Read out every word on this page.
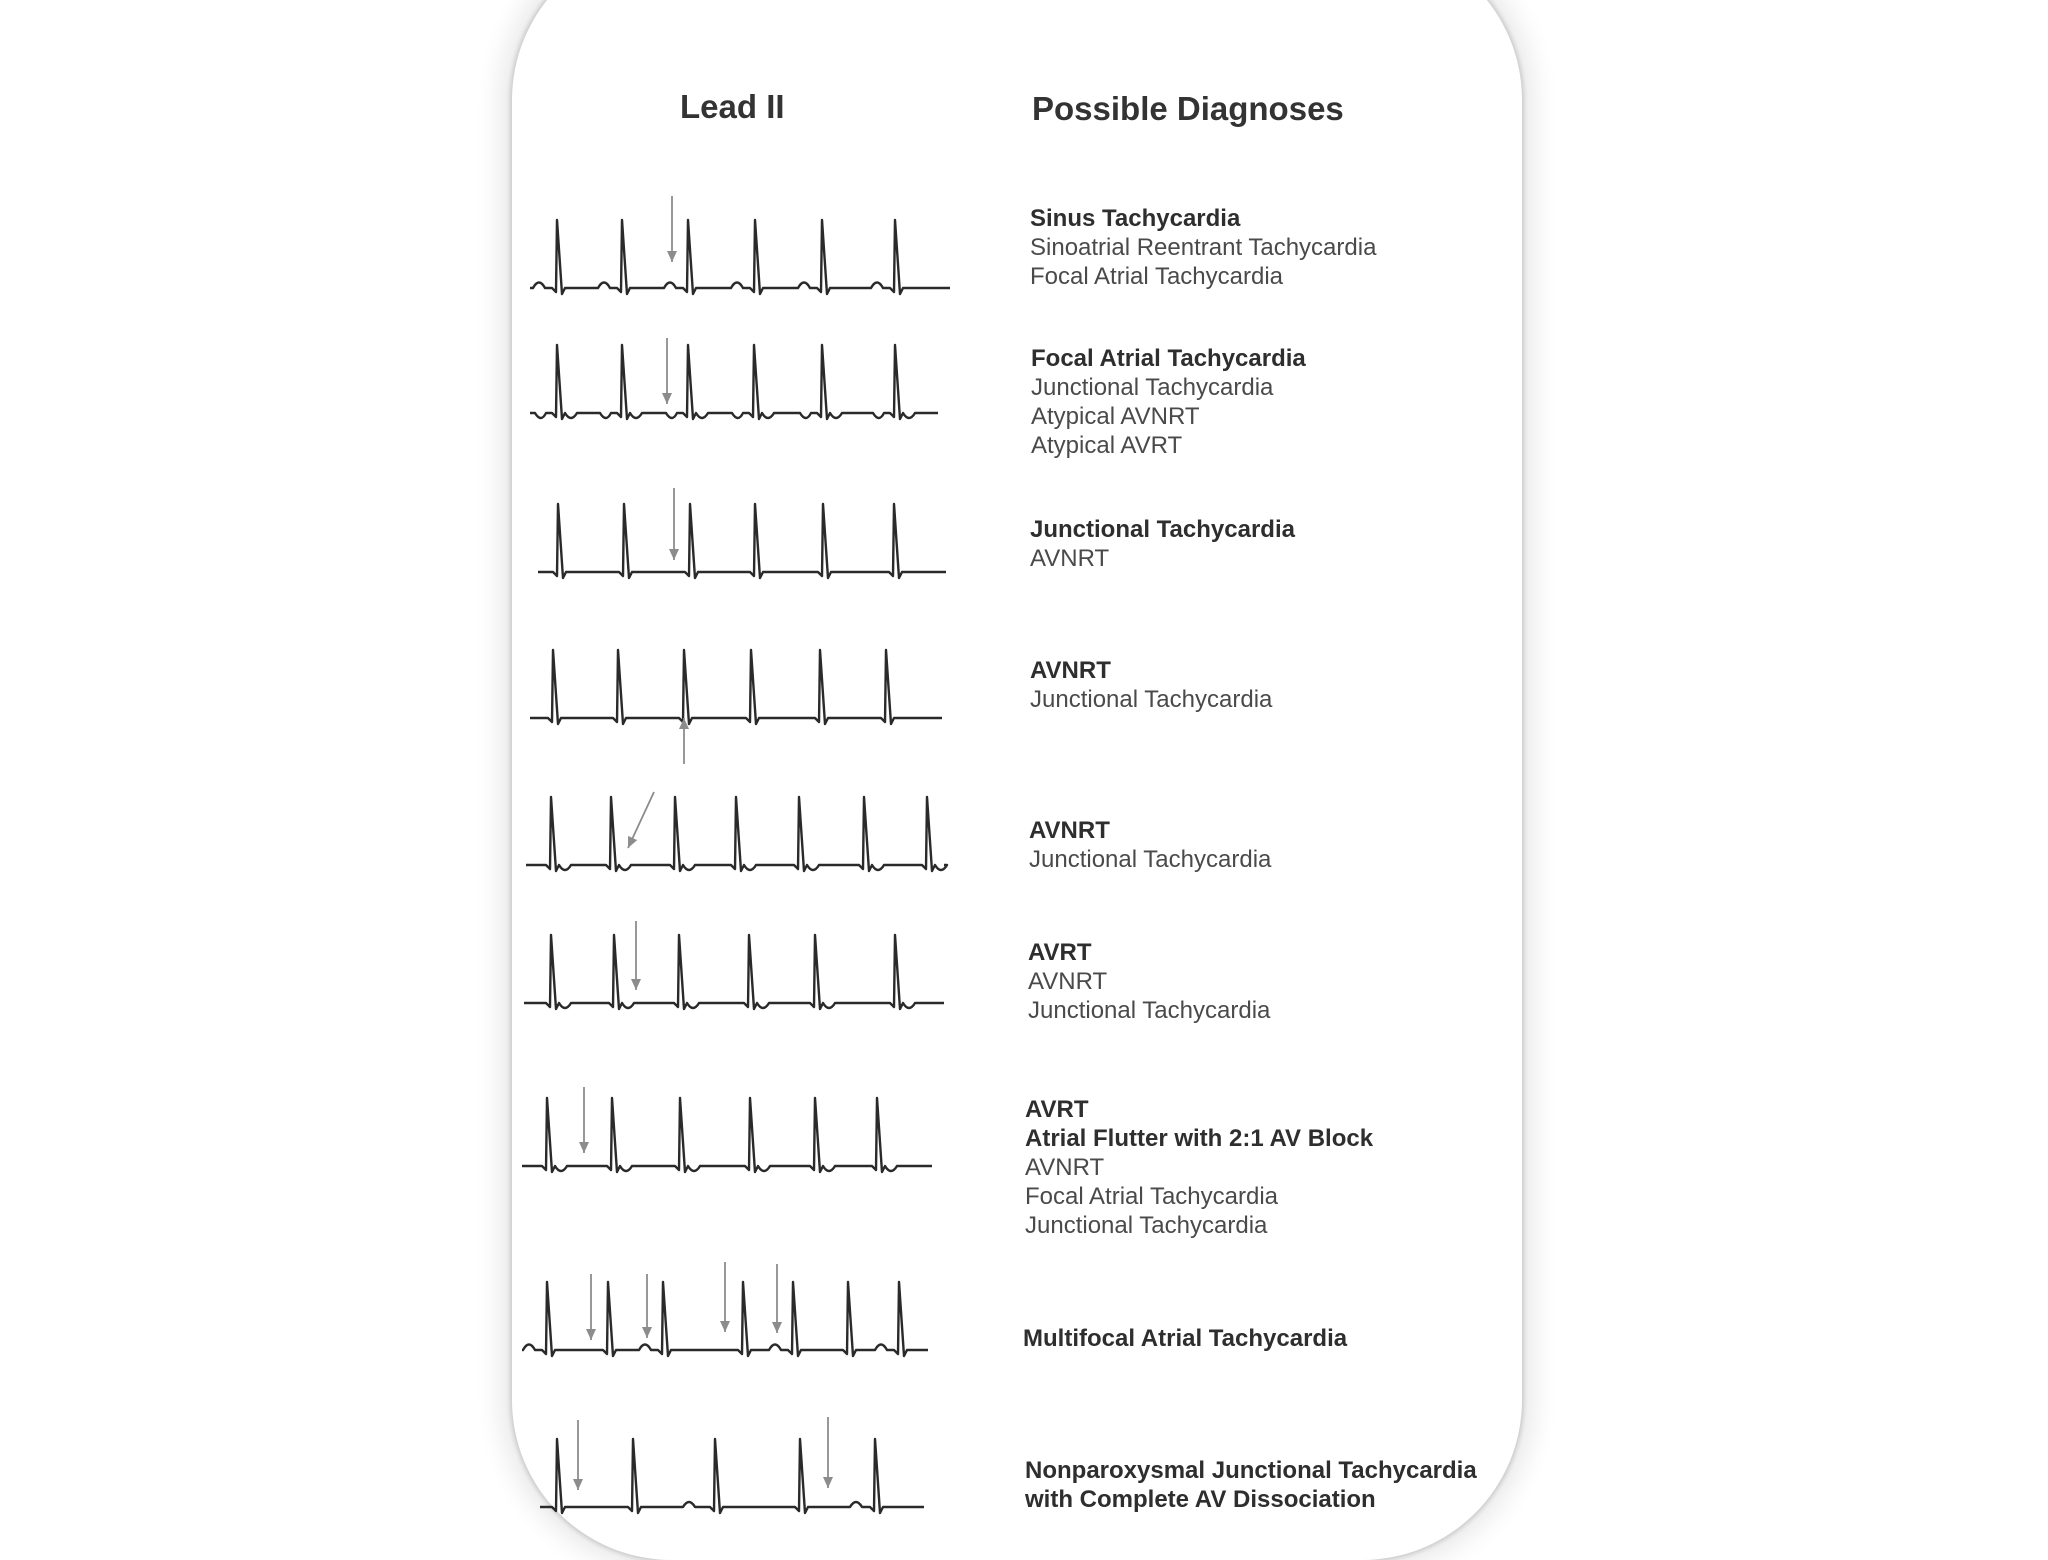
Lead II	Possible Diagnoses
Sinus Tachycardia
Sinoatrial Reentrant Tachycardia
Focal Atrial Tachycardia
Focal Atrial Tachycardia
Junctional Tachycardia
Atypical AVNRT
Atypical AVRT
Junctional Tachycardia
AVNRT
AVNRT
Junctional Tachycardia
AVNRT
Junctional Tachycardia
AVRT
AVNRT
Junctional Tachycardia
AVRT
Atrial Flutter with 2:1 AV Block
AVNRT
Focal Atrial Tachycardia
Junctional Tachycardia
Multifocal Atrial Tachycardia
Nonparoxysmal Junctional Tachycardia
with Complete AV Dissociation
